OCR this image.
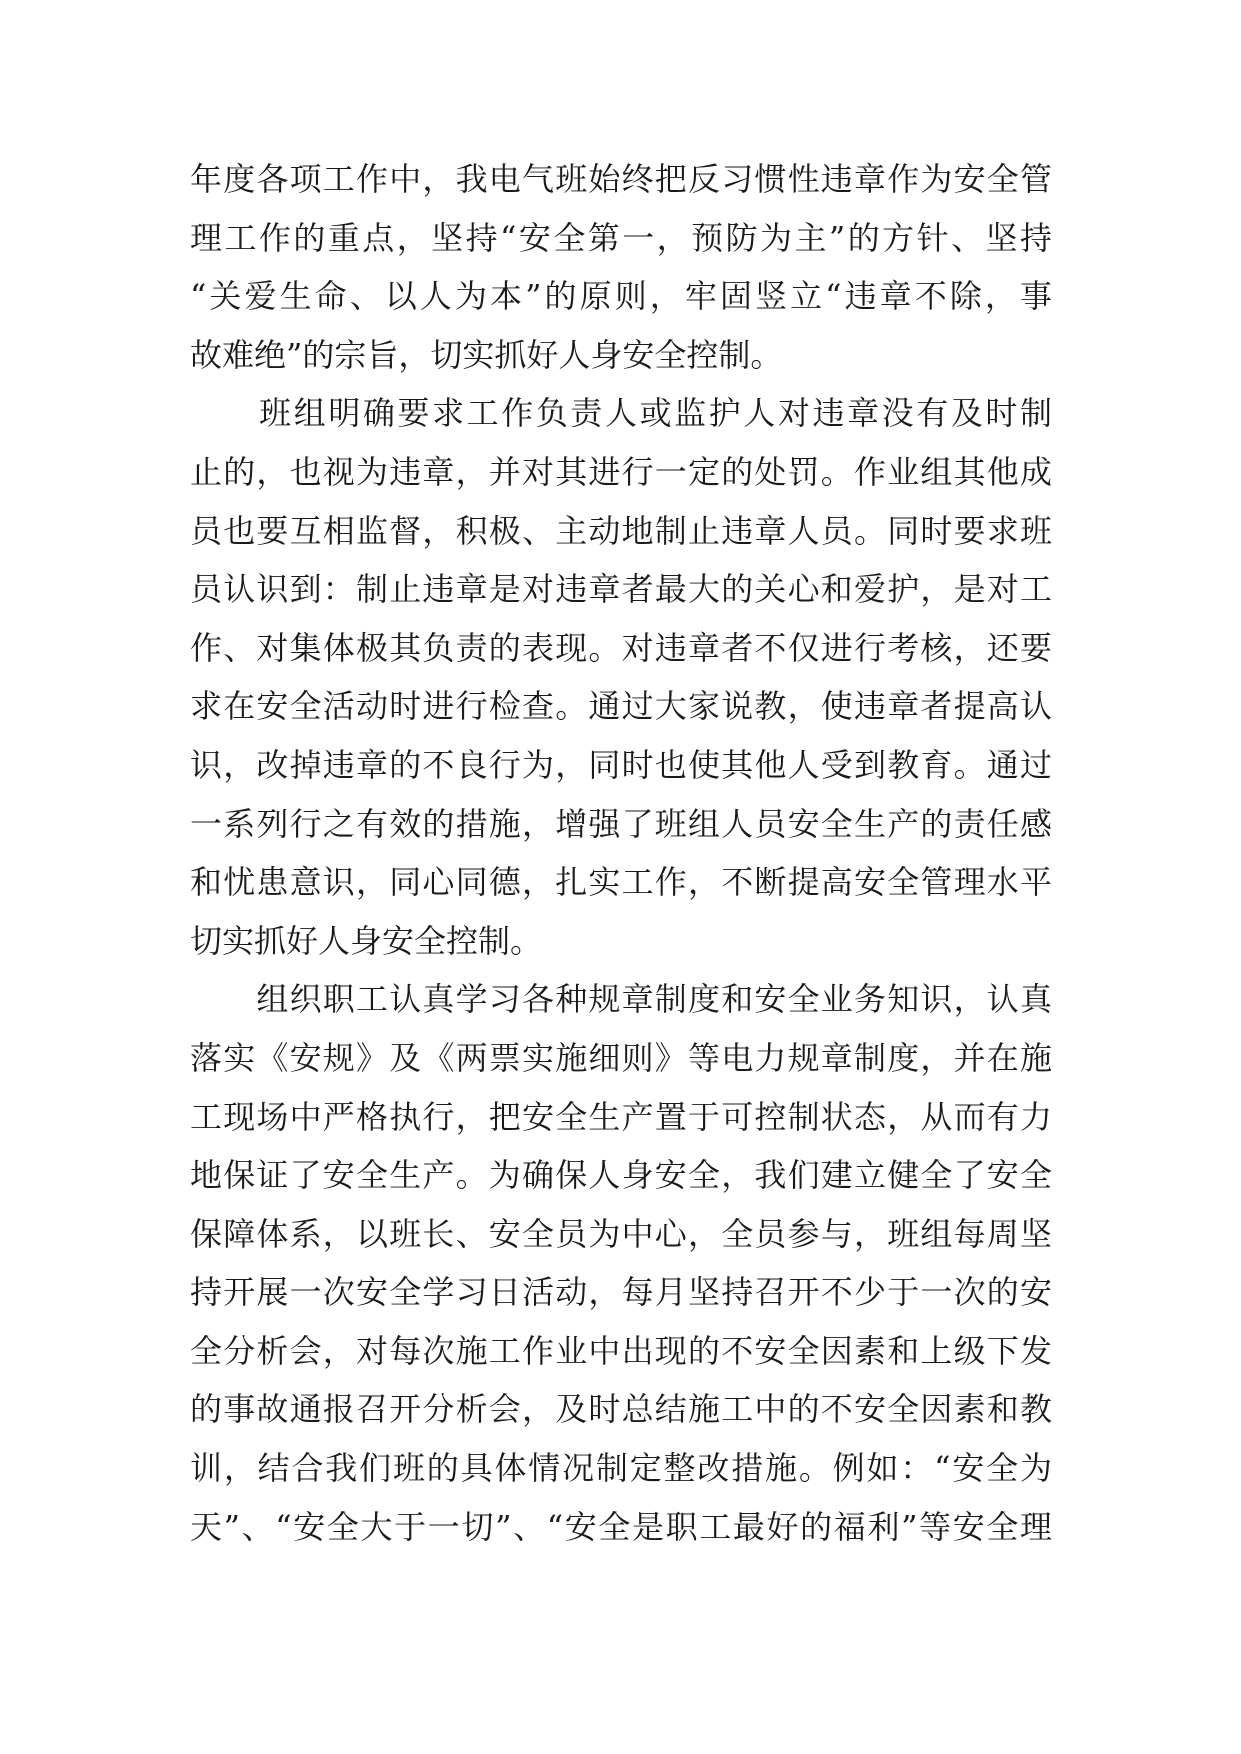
年度各项工作中，我电气班始终把反习惯性违章作为安全管
理工作的重点，坚持“安全第一，预防为主”的方针、坚持
“关爱生命、以人为本”的原则，牢固竖立“违章不除，事
故难绝”的宗旨，切实抓好人身安全控制。
　　班组明确要求工作负责人或监护人对违章没有及时制
止的，也视为违章，并对其进行一定的处罚。作业组其他成
员也要互相监督，积极、主动地制止违章人员。同时要求班
员认识到：制止违章是对违章者最大的关心和爱护，是对工
作、对集体极其负责的表现。对违章者不仅进行考核，还要
求在安全活动时进行检查。通过大家说教，使违章者提高认
识，改掉违章的不良行为，同时也使其他人受到教育。通过
一系列行之有效的措施，增强了班组人员安全生产的责任感
和忧患意识，同心同德，扎实工作，不断提高安全管理水平
切实抓好人身安全控制。
　　组织职工认真学习各种规章制度和安全业务知识，认真
落实《安规》及《两票实施细则》等电力规章制度，并在施
工现场中严格执行，把安全生产置于可控制状态，从而有力
地保证了安全生产。为确保人身安全，我们建立健全了安全
保障体系，以班长、安全员为中心，全员参与，班组每周坚
持开展一次安全学习日活动，每月坚持召开不少于一次的安
全分析会，对每次施工作业中出现的不安全因素和上级下发
的事故通报召开分析会，及时总结施工中的不安全因素和教
训，结合我们班的具体情况制定整改措施。例如：“安全为
天”、“安全大于一切”、“安全是职工最好的福利”等安全理
